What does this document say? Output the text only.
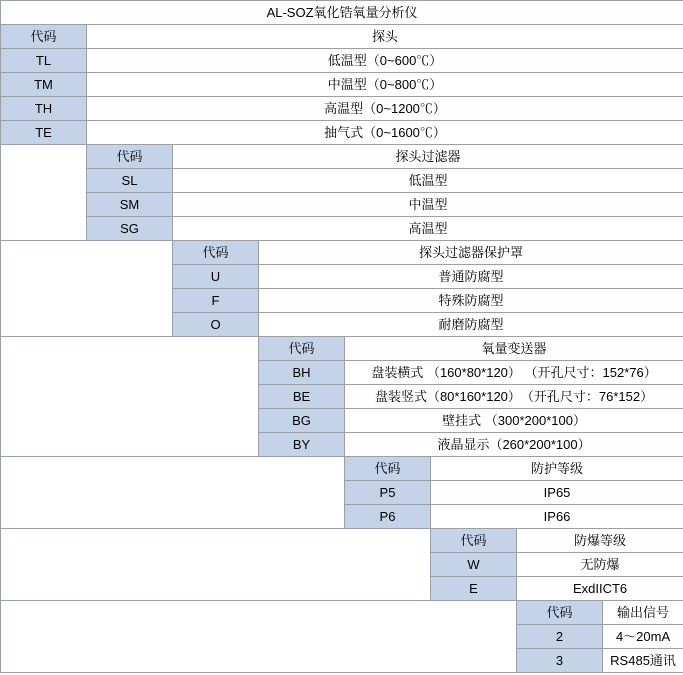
AL-SOZ氧化锆氧量分析仪							
代码	探头						
TL	低温型（0~600℃）						
TM	中温型（0~800℃）						
TH	高温型（0~1200℃）						
TE	抽气式（0~1600℃）						
	代码	探头过滤器					
	SL	低温型					
	SM	中温型					
	SG	高温型					
		代码	探头过滤器保护罩				
		U	普通防腐型				
		F	特殊防腐型				
		O	耐磨防腐型				
			代码	氧量变送器			
			BH	盘装横式 （160*80*120） （开孔尺寸：152*76）			
			BE	盘装竖式（80*160*120）　（开孔尺寸：76*152）			
			BG	壁挂式 （300*200*100）			
			BY	液晶显示（260*200*100）			
				代码	防护等级		
				P5	IP65		
				P6	IP66		
					代码	防爆等级	
					W	无防爆	
					E	ExdIICT6	
						代码	输出信号
						2	4～20mA
						3	RS485通讯
